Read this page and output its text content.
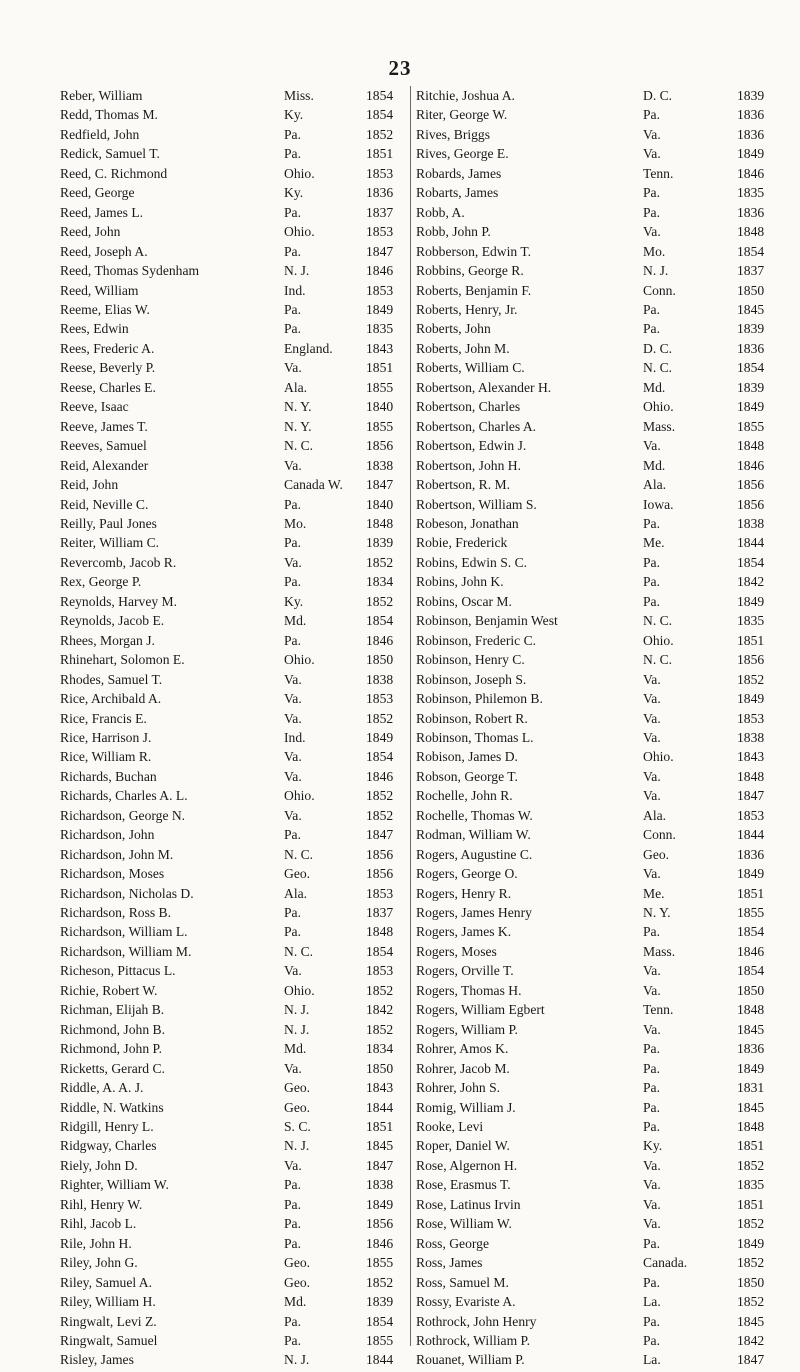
23
Reber, William	Miss.	1854
Redd, Thomas M.	Ky.	1854
Redfield, John	Pa.	1852
Redick, Samuel T.	Pa.	1851
Reed, C. Richmond	Ohio.	1853
Reed, George	Ky.	1836
Reed, James L.	Pa.	1837
Reed, John	Ohio.	1853
Reed, Joseph A.	Pa.	1847
Reed, Thomas Sydenham	N. J.	1846
Reed, William	Ind.	1853
Reeme, Elias W.	Pa.	1849
Rees, Edwin	Pa.	1835
Rees, Frederic A.	England. 1843
Reese, Beverly P.	Va.	1851
Reese, Charles E.	Ala.	1855
Reeve, Isaac	N. Y.	1840
Reeve, James T.	N. Y.	1855
Reeves, Samuel	N. C.	1856
Reid, Alexander	Va.	1838
Reid, John	Canada W. 1847
Reid, Neville C.	Pa.	1840
Reilly, Paul Jones	Mo.	1848
Reiter, William C.	Pa.	1839
Revercomb, Jacob R.	Va.	1852
Rex, George P.	Pa.	1834
Reynolds, Harvey M.	Ky.	1852
Reynolds, Jacob E.	Md.	1854
Rhees, Morgan J.	Pa.	1846
Rhinehart, Solomon E.	Ohio.	1850
Rhodes, Samuel T.	Va.	1838
Rice, Archibald A.	Va.	1853
Rice, Francis E.	Va.	1852
Rice, Harrison J.	Ind.	1849
Rice, William R.	Va.	1854
Richards, Buchan	Va.	1846
Richards, Charles A. L.	Ohio.	1852
Richardson, George N.	Va.	1852
Richardson, John	Pa.	1847
Richardson, John M.	N. C.	1856
Richardson, Moses	Geo.	1856
Richardson, Nicholas D.	Ala.	1853
Richardson, Ross B.	Pa.	1837
Richardson, William L.	Pa.	1848
Richardson, William M.	N. C.	1854
Richeson, Pittacus L.	Va.	1853
Richie, Robert W.	Ohio.	1852
Richman, Elijah B.	N. J.	1842
Richmond, John B.	N. J.	1852
Richmond, John P.	Md.	1834
Ricketts, Gerard C.	Va.	1850
Riddle, A. A. J.	Geo.	1843
Riddle, N. Watkins	Geo.	1844
Ridgill, Henry L.	S. C.	1851
Ridgway, Charles	N. J.	1845
Riely, John D.	Va.	1847
Righter, William W.	Pa.	1838
Rihl, Henry W.	Pa.	1849
Rihl, Jacob L.	Pa.	1856
Rile, John H.	Pa.	1846
Riley, John G.	Geo.	1855
Riley, Samuel A.	Geo.	1852
Riley, William H.	Md.	1839
Ringwalt, Levi Z.	Pa.	1854
Ringwalt, Samuel	Pa.	1855
Risley, James	N. J.	1844
Ritchie, Joshua A.	D. C.	1839
Riter, George W.	Pa.	1836
Rives, Briggs	Va.	1836
Rives, George E.	Va.	1849
Robards, James	Tenn.	1846
Robarts, James	Pa.	1835
Robb, A.	Pa.	1836
Robb, John P.	Va.	1848
Robberson, Edwin T.	Mo.	1854
Robbins, George R.	N. J.	1837
Roberts, Benjamin F.	Conn.	1850
Roberts, Henry, Jr.	Pa.	1845
Roberts, John	Pa.	1839
Roberts, John M.	D. C.	1836
Roberts, William C.	N. C.	1854
Robertson, Alexander H.	Md.	1839
Robertson, Charles	Ohio.	1849
Robertson, Charles A.	Mass.	1855
Robertson, Edwin J.	Va.	1848
Robertson, John H.	Md.	1846
Robertson, R. M.	Ala.	1856
Robertson, William S.	Iowa.	1856
Robeson, Jonathan	Pa.	1838
Robie, Frederick	Me.	1844
Robins, Edwin S. C.	Pa.	1854
Robins, John K.	Pa.	1842
Robins, Oscar M.	Pa.	1849
Robinson, Benjamin West	N. C.	1835
Robinson, Frederic C.	Ohio.	1851
Robinson, Henry C.	N. C.	1856
Robinson, Joseph S.	Va.	1852
Robinson, Philemon B.	Va.	1849
Robinson, Robert R.	Va.	1853
Robinson, Thomas L.	Va.	1838
Robison, James D.	Ohio.	1843
Robson, George T.	Va.	1848
Rochelle, John R.	Va.	1847
Rochelle, Thomas W.	Ala.	1853
Rodman, William W.	Conn.	1844
Rogers, Augustine C.	Geo.	1836
Rogers, George O.	Va.	1849
Rogers, Henry R.	Me.	1851
Rogers, James Henry	N. Y.	1855
Rogers, James K.	Pa.	1854
Rogers, Moses	Mass.	1846
Rogers, Orville T.	Va.	1854
Rogers, Thomas H.	Va.	1850
Rogers, William Egbert	Tenn.	1848
Rogers, William P.	Va.	1845
Rohrer, Amos K.	Pa.	1836
Rohrer, Jacob M.	Pa.	1849
Rohrer, John S.	Pa.	1831
Romig, William J.	Pa.	1845
Rooke, Levi	Pa.	1848
Roper, Daniel W.	Ky.	1851
Rose, Algernon H.	Va.	1852
Rose, Erasmus T.	Va.	1835
Rose, Latinus Irvin	Va.	1851
Rose, William W.	Va.	1852
Ross, George	Pa.	1849
Ross, James	Canada.	1852
Ross, Samuel M.	Pa.	1850
Rossy, Evariste A.	La.	1852
Rothrock, John Henry	Pa.	1845
Rothrock, William P.	Pa.	1842
Rouanet, William P.	La.	1847
